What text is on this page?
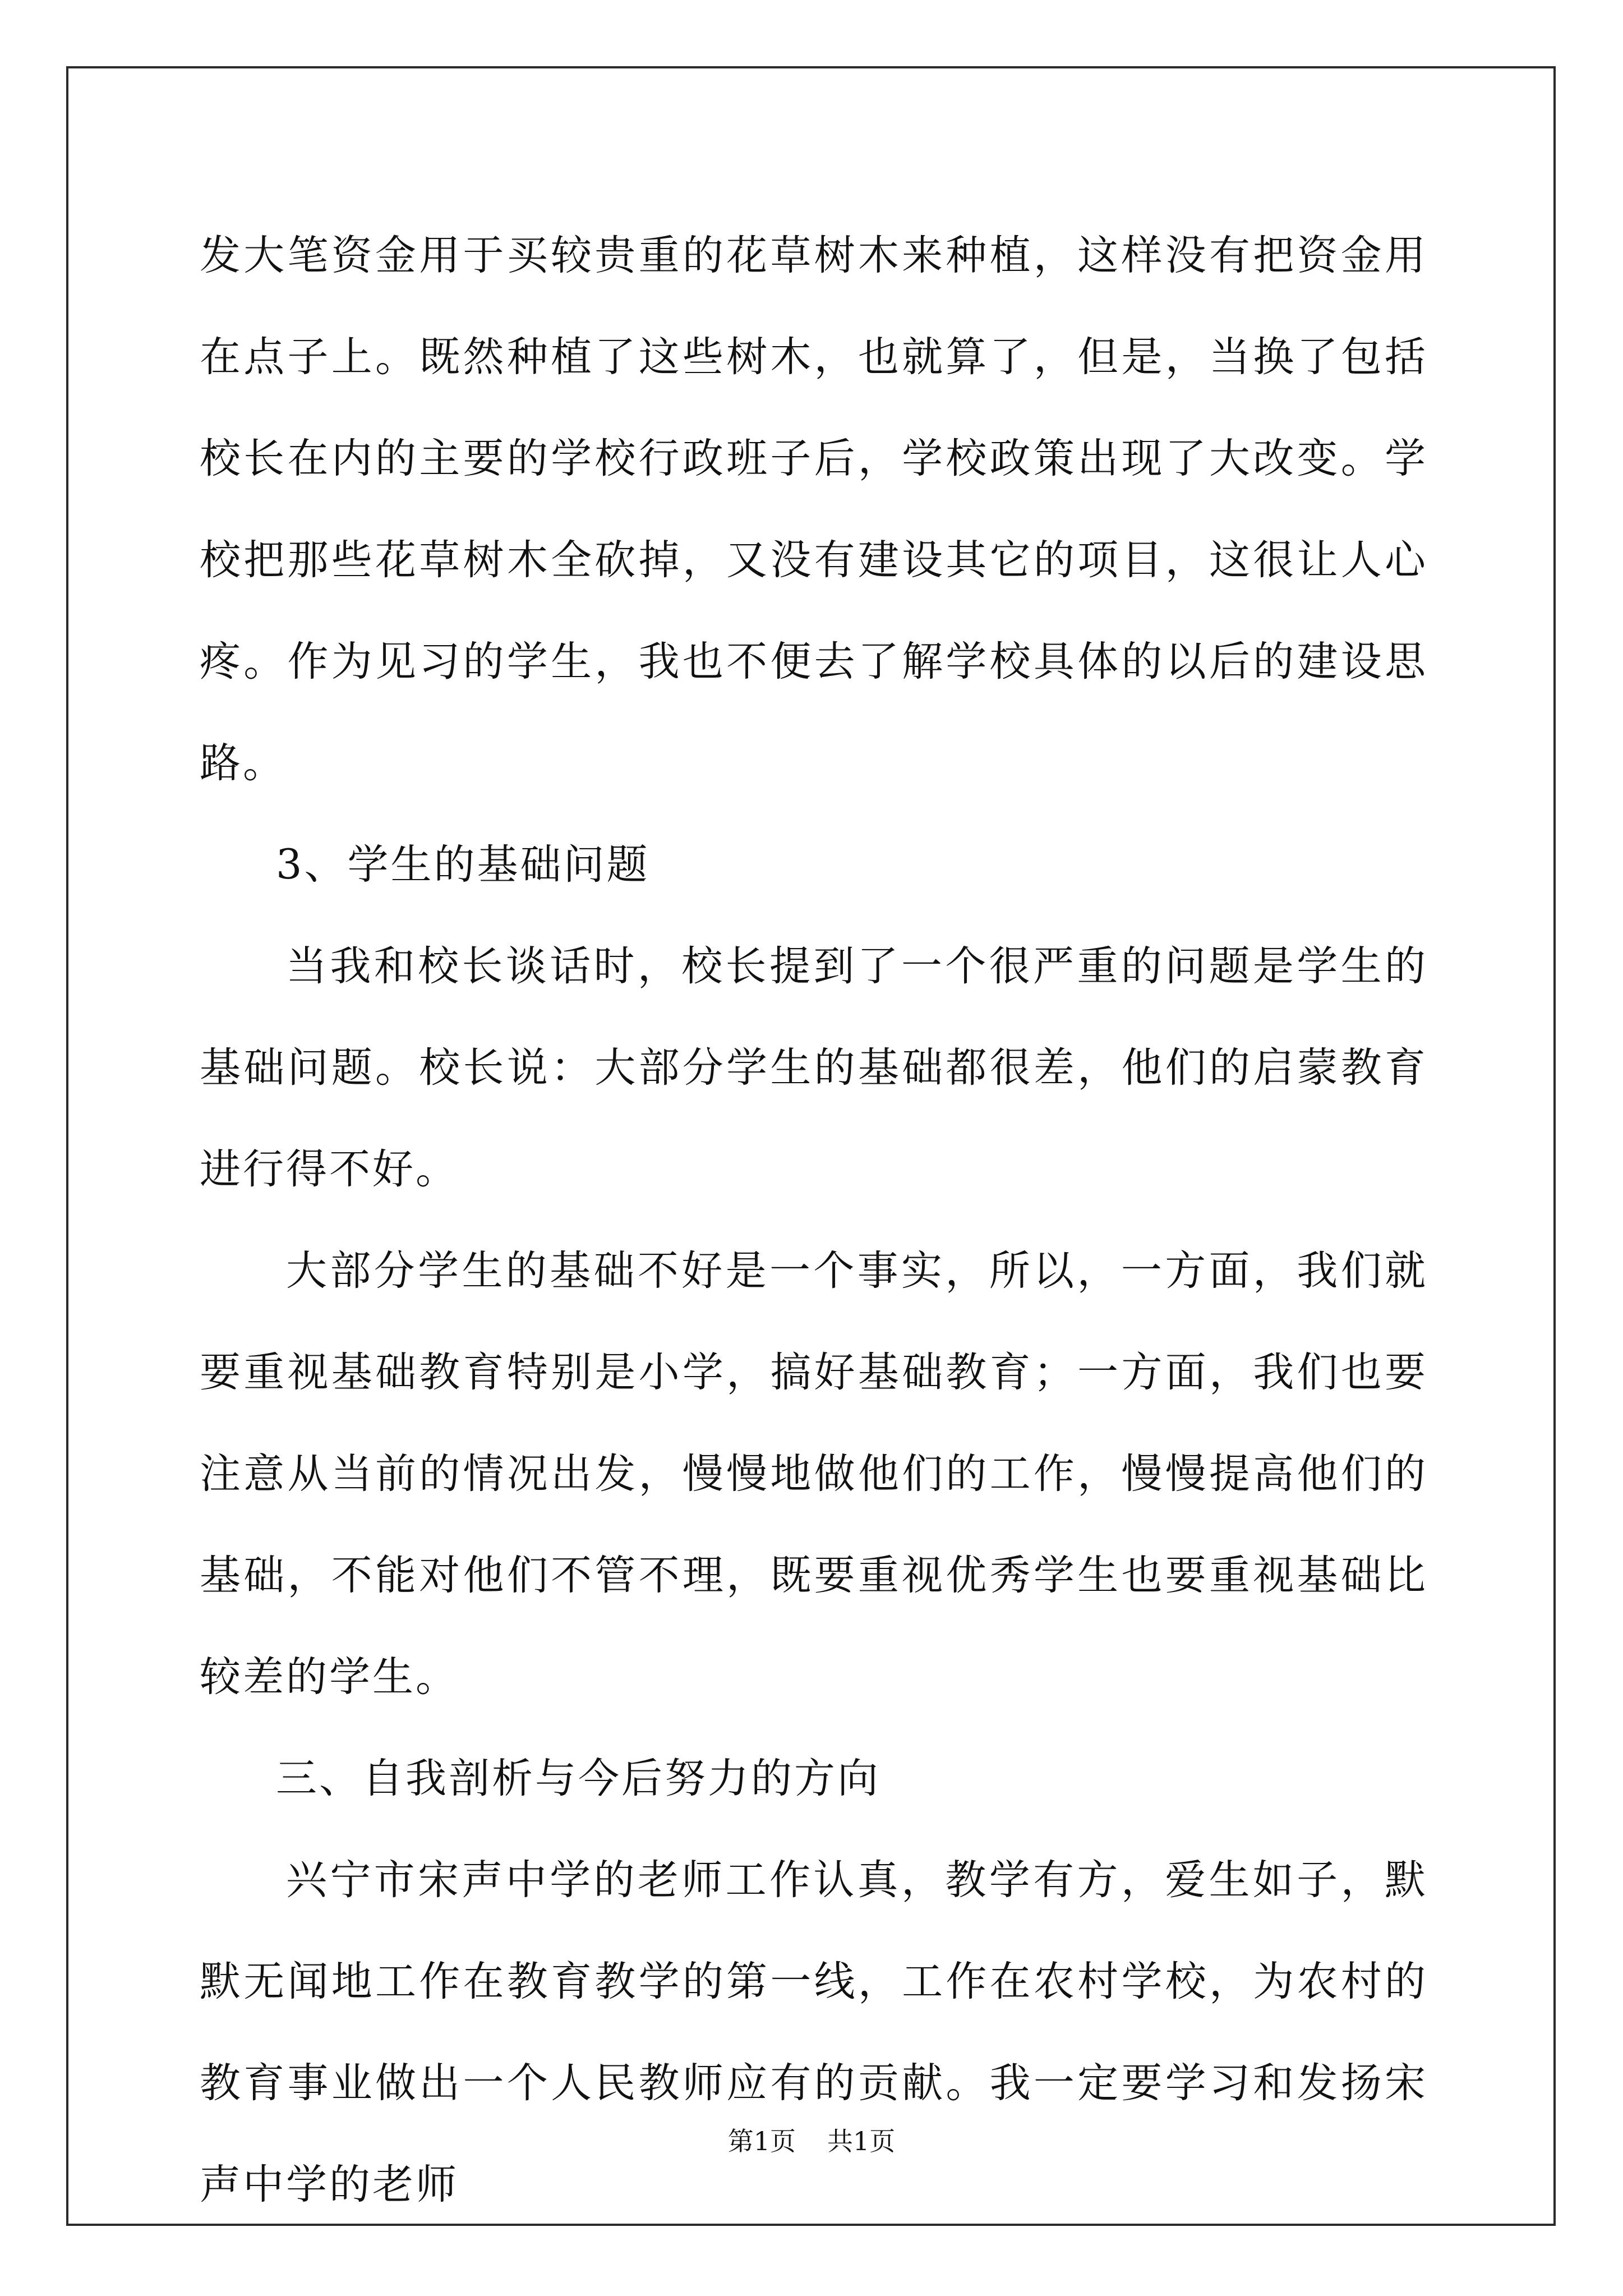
发大笔资金用于买较贵重的花草树木来种植，这样没有把资金用在点子上。既然种植了这些树木，也就算了，但是，当换了包括校长在内的主要的学校行政班子后，学校政策出现了大改变。学校把那些花草树木全砍掉，又没有建设其它的项目，这很让人心疼。作为见习的学生，我也不便去了解学校具体的以后的建设思路。

3、学生的基础问题

当我和校长谈话时，校长提到了一个很严重的问题是学生的基础问题。校长说：大部分学生的基础都很差，他们的启蒙教育进行得不好。

大部分学生的基础不好是一个事实，所以，一方面，我们就要重视基础教育特别是小学，搞好基础教育；一方面，我们也要注意从当前的情况出发，慢慢地做他们的工作，慢慢提高他们的基础，不能对他们不管不理，既要重视优秀学生也要重视基础比较差的学生。

三、自我剖析与今后努力的方向

兴宁市宋声中学的老师工作认真，教学有方，爱生如子，默默无闻地工作在教育教学的第一线，工作在农村学校，为农村的教育事业做出一个人民教师应有的贡献。我一定要学习和发扬宋声中学的老师

第1页 共1页
